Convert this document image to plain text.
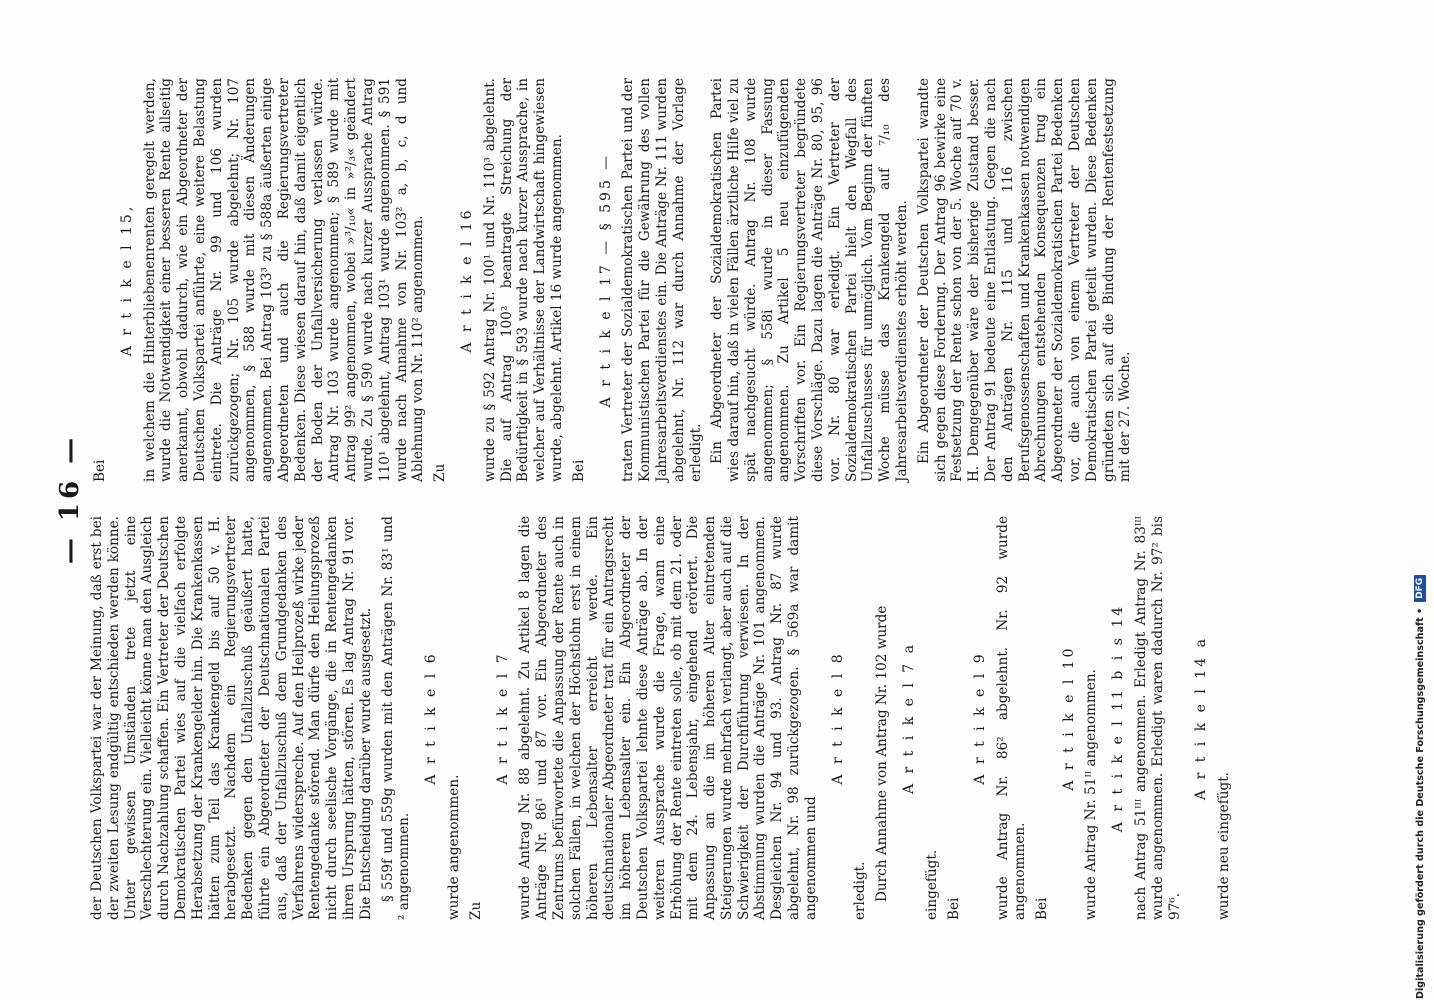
— 16 —

der Deutschen Volkspartei war der Meinung, daß erst bei der zweiten Lesung endgültig entschieden werden könne. Unter gewissen Umständen trete jetzt eine Verschlechterung ein. Vielleicht könne man den Ausgleich durch Nachzahlung schaffen. Ein Vertreter der Deutschen Demokratischen Partei wies auf die vielfach erfolgte Herabsetzung der Krankengelder hin. Die Krankenkassen hätten zum Teil das Krankengeld bis auf 50 v. H. herabgesetzt. Nachdem ein Regierungsvertreter Bedenken gegen den Unfallzuschuß geäußert hatte, führte ein Abgeordneter der Deutschnationalen Partei aus, daß der Unfallzuschuß dem Grundgedanken des Verfahrens widerspreche. Auf den Heilprozeß wirke jeder Rentengedanke störend. Man dürfe den Heilungsprozeß nicht durch seelische Vorgänge, die in Rentengedanken ihren Ursprung hätten, stören. Es lag Antrag Nr. 91 vor. Die Entscheidung darüber wurde ausgesetzt. § 559f und 559g wurden mit den Anträgen Nr. 83¹ und ² angenommen.

A r t i k e l 6

wurde angenommen. Zu
A r t i k e l 7 wurde Antrag Nr. 88 abgelehnt. Zu Artikel 8 lagen die Anträge Nr. 86¹ und 87 vor. Ein Abgeordneter des Zentrums befürwortete die Anpassung der Rente auch in solchen Fällen, in welchen der Höchstlohn erst in einem höheren Lebensalter erreicht werde. Ein deutschnationaler Abgeordneter trat für ein Antragsrecht im höheren Lebensalter ein. Ein Abgeordneter der Deutschen Volkspartei lehnte diese Anträge ab. In der weiteren Aussprache wurde die Frage, wann eine Erhöhung der Rente eintreten solle, ob mit dem 21. oder mit dem 24. Lebensjahr, eingehend erörtert. Die Anpassung an die im höheren Alter eintretenden Steigerungen wurde mehrfach verlangt, aber auch auf die Schwierigkeit der Durchführung verwiesen. In der Abstimmung wurden die Anträge Nr. 101 angenommen. Desgleichen Nr. 94 und 93. Antrag Nr. 87 wurde abgelehnt, Nr. 98 zurückgezogen. § 569a war damit angenommen und

A r t i k e l 8

erledigt. Durch Annahme von Antrag Nr. 102 wurde A r t i k e l 7 a

eingefügt. Bei
A r t i k e l 9 wurde Antrag Nr. 86² abgelehnt. Nr. 92 wurde angenommen. Bei
A r t i k e l 10 wurde Antrag Nr. 51ᴵᴵ angenommen. A r t i k e l 11 b i s 14 nach Antrag 51ᴵᴵᴵ angenommen. Erledigt Antrag Nr. 83ᴵᴵᴵ wurde angenommen. Erledigt waren dadurch Nr. 97² bis 97⁶.

A r t i k e l 14 a

wurde neu eingefügt.

Bei
A r t i k e l 15, in welchem die Hinterbliebenenrenten geregelt werden, wurde die Notwendigkeit einer besseren Rente allseitig anerkannt, obwohl dadurch, wie ein Abgeordneter der Deutschen Volkspartei anführte, eine weitere Belastung eintrete. Die Anträge Nr. 99 und 106 wurden zurückgezogen; Nr. 105 wurde abgelehnt; Nr. 107 angenommen, § 588 wurde mit diesen Änderungen angenommen. Bei Antrag 103³ zu § 588a äußerten einige Abgeordneten und auch die Regierungsvertreter Bedenken. Diese wiesen darauf hin, daß damit eigentlich der Boden der Unfallversicherung verlassen würde. Antrag Nr. 103 wurde angenommen; § 589 wurde mit Antrag 99² angenommen, wobei »³/₁₀« in »²/₃« geändert wurde. Zu § 590 wurde nach kurzer Aussprache Antrag 110¹ abgelehnt, Antrag 103¹ wurde angenommen. § 591 wurde nach Annahme von Nr. 103² a, b, c, d und Ablehnung von Nr. 110² angenommen. Zu
A r t i k e l 16 wurde zu § 592 Antrag Nr. 100¹ und Nr. 110³ abgelehnt. Die auf Antrag 100² beantragte Streichung der Bedürftigkeit in § 593 wurde nach kurzer Aussprache, in welcher auf Verhältnisse der Landwirtschaft hingewiesen wurde, abgelehnt. Artikel 16 wurde angenommen. Bei
A r t i k e l 17 — § 595 — traten Vertreter der Sozialdemokratischen Partei und der Kommunistischen Partei für die Gewährung des vollen Jahresarbeitsverdienstes ein. Die Anträge Nr. 111 wurden abgelehnt, Nr. 112 war durch Annahme der Vorlage erledigt. Ein Abgeordneter der Sozialdemokratischen Partei wies darauf hin, daß in vielen Fällen ärztliche Hilfe viel zu spät nachgesucht würde. Antrag Nr. 108 wurde angenommen; § 558i wurde in dieser Fassung angenommen. Zu Artikel 5 neu einzufügenden Vorschriften vor. Ein Regierungsvertreter begründete diese Vorschläge. Dazu lagen die Anträge Nr. 80, 95, 96 vor. Nr. 80 war erledigt. Ein Vertreter der Sozialdemokratischen Partei hielt den Wegfall des Unfallzuschusses für unmöglich. Vom Beginn der fünften Woche müsse das Krankengeld auf ⁷/₁₀ des Jahresarbeitsverdienstes erhöht werden. Ein Abgeordneter der Deutschen Volkspartei wandte sich gegen diese Forderung. Der Antrag 96 bewirke eine Festsetzung der Rente schon von der 5. Woche auf 70 v. H. Demgegenüber wäre der bisherige Zustand besser. Der Antrag 91 bedeute eine Entlastung. Gegen die nach den Anträgen Nr. 115 und 116 zwischen Berufsgenossenschaften und Krankenkassen notwendigen Abrechnungen entstehenden Konsequenzen trug ein Abgeordneter der Sozialdemokratischen Partei Bedenken vor, die auch von einem Vertreter der Deutschen Demokratischen Partei geteilt wurden. Diese Bedenken gründeten sich auf die Bindung der Rentenfestsetzung mit der 27. Woche.

Digitalisierung gefördert durch die Deutsche Forschungsgemeinschaft •
DFG
